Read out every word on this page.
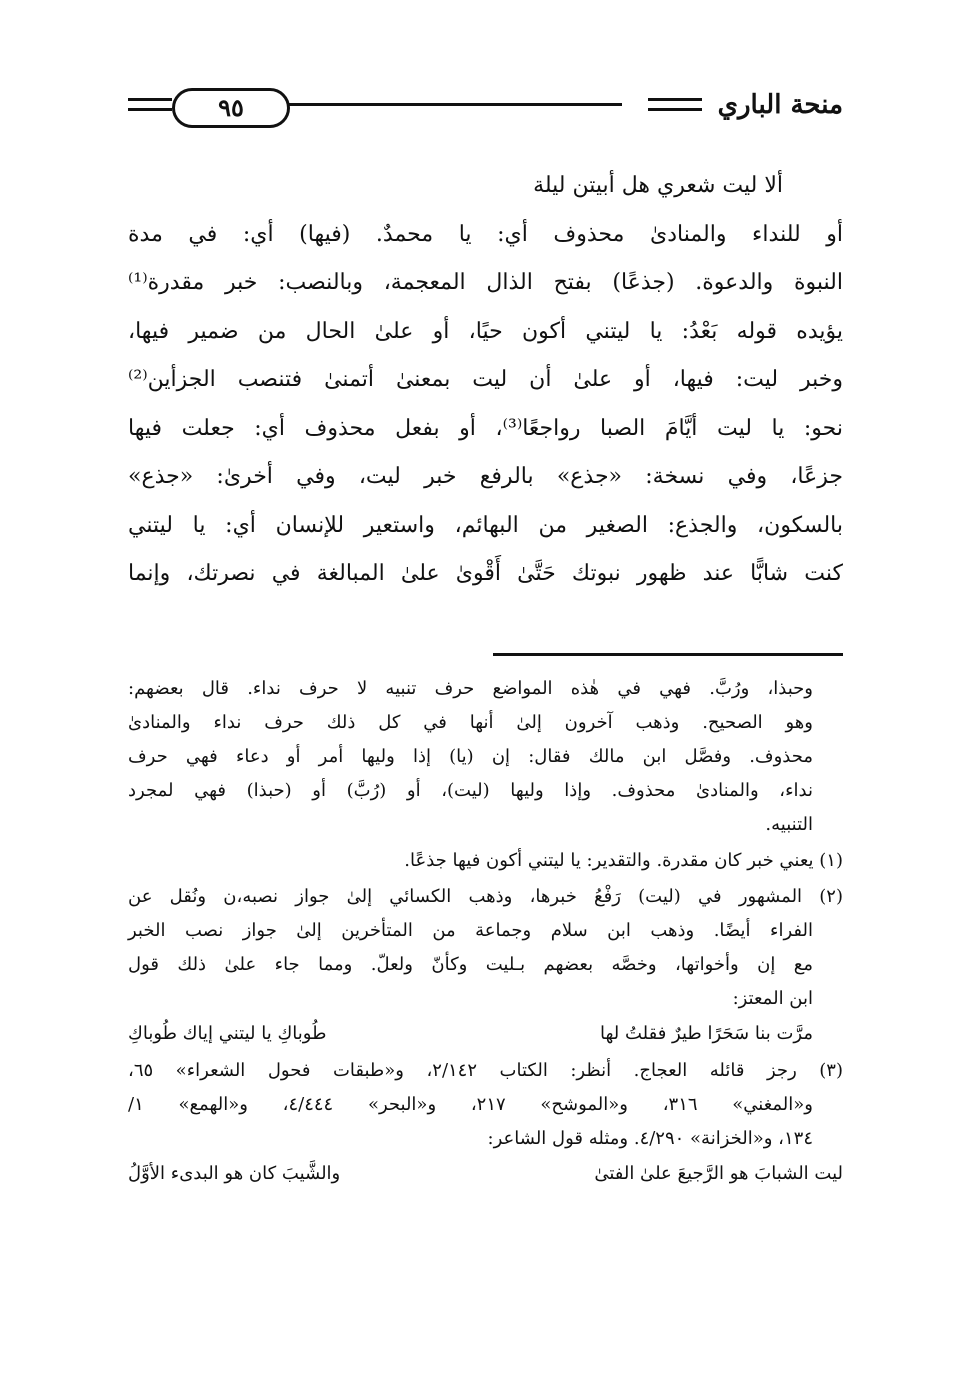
منحة الباري
٩٥

ألا ليت شعري هل أبيتن ليلة

أو للنداء والمنادىٰ محذوف أي: يا محمدٌ. (فيها) أي: في مدة

النبوة والدعوة. (جذعًا) بفتح الذال المعجمة، وبالنصب: خبر مقدرة⁽¹⁾

يؤيده قوله بَعْدُ: يا ليتني أكون حيًا، أو علىٰ الحال من ضمير فيها،

وخبر ليت: فيها، أو علىٰ أن ليت بمعنىٰ أتمنىٰ فتنصب الجزأين⁽²⁾

نحو: يا ليت أيَّامَ الصبا رواجعًا⁽³⁾، أو بفعل محذوف أي: جعلت فيها

جزعًا، وفي نسخة: «جذع» بالرفع خبر ليت، وفي أخرىٰ: «جذع»

بالسكون، والجذع: الصغير من البهائم، واستعير للإنسان أي: يا ليتني

كنت شابًّا عند ظهور نبوتك حَتَّىٰ أَقْوىٰ علىٰ المبالغة في نصرتك، وإنما

وحبذا، ورُبَّ. فهي في هٰذه المواضع حرف تنبيه لا حرف نداء. قال بعضهم:

وهو الصحيح. وذهب آخرون إلىٰ أنها في كل ذلك حرف نداء والمنادىٰ

محذوف. وفصَّل ابن مالك فقال: إن (يا) إذا وليها أمر أو دعاء فهي حرف

نداء، والمنادىٰ محذوف. وإذا وليها (ليت)، أو (رُبَّ) أو (حبذا) فهي لمجرد

التنبيه.

(١) يعني خبر كان مقدرة. والتقدير: يا ليتني أكون فيها جذعًا.

(٢) المشهور في (ليت) رَفْعُ خبرها، وذهب الكسائي إلىٰ جواز نصبه،ن ونُقل عن

الفراء أيضًا. وذهب ابن سلام وجماعة من المتأخرين إلىٰ جواز نصب الخبر

مع إن وأخواتها، وخصَّه بعضهم بـليت وكأنّ ولعلّ. ومما جاء علىٰ ذلك قول

ابن المعتز:

مرَّت بنا سَحَرًا طيرٌ فقلتُ لها
طُوباكِ يا ليتني إياك طُوباكِ

(٣) رجز قائله العجاج. أنظر: الكتاب ٢/١٤٢، و«طبقات فحول الشعراء» ٦٥،

و«المغني» ٣١٦، و«الموشح» ٢١٧، و«البحر» ٤/٤٤٤، و«الهمع» ١/

١٣٤، و«الخزانة» ٤/٢٩٠. ومثله قول الشاعر:

ليت الشبابَ هو الرَّجيعَ علىٰ الفتىٰ
والشَّيبَ كان هو البدىء الأوَّلُ
